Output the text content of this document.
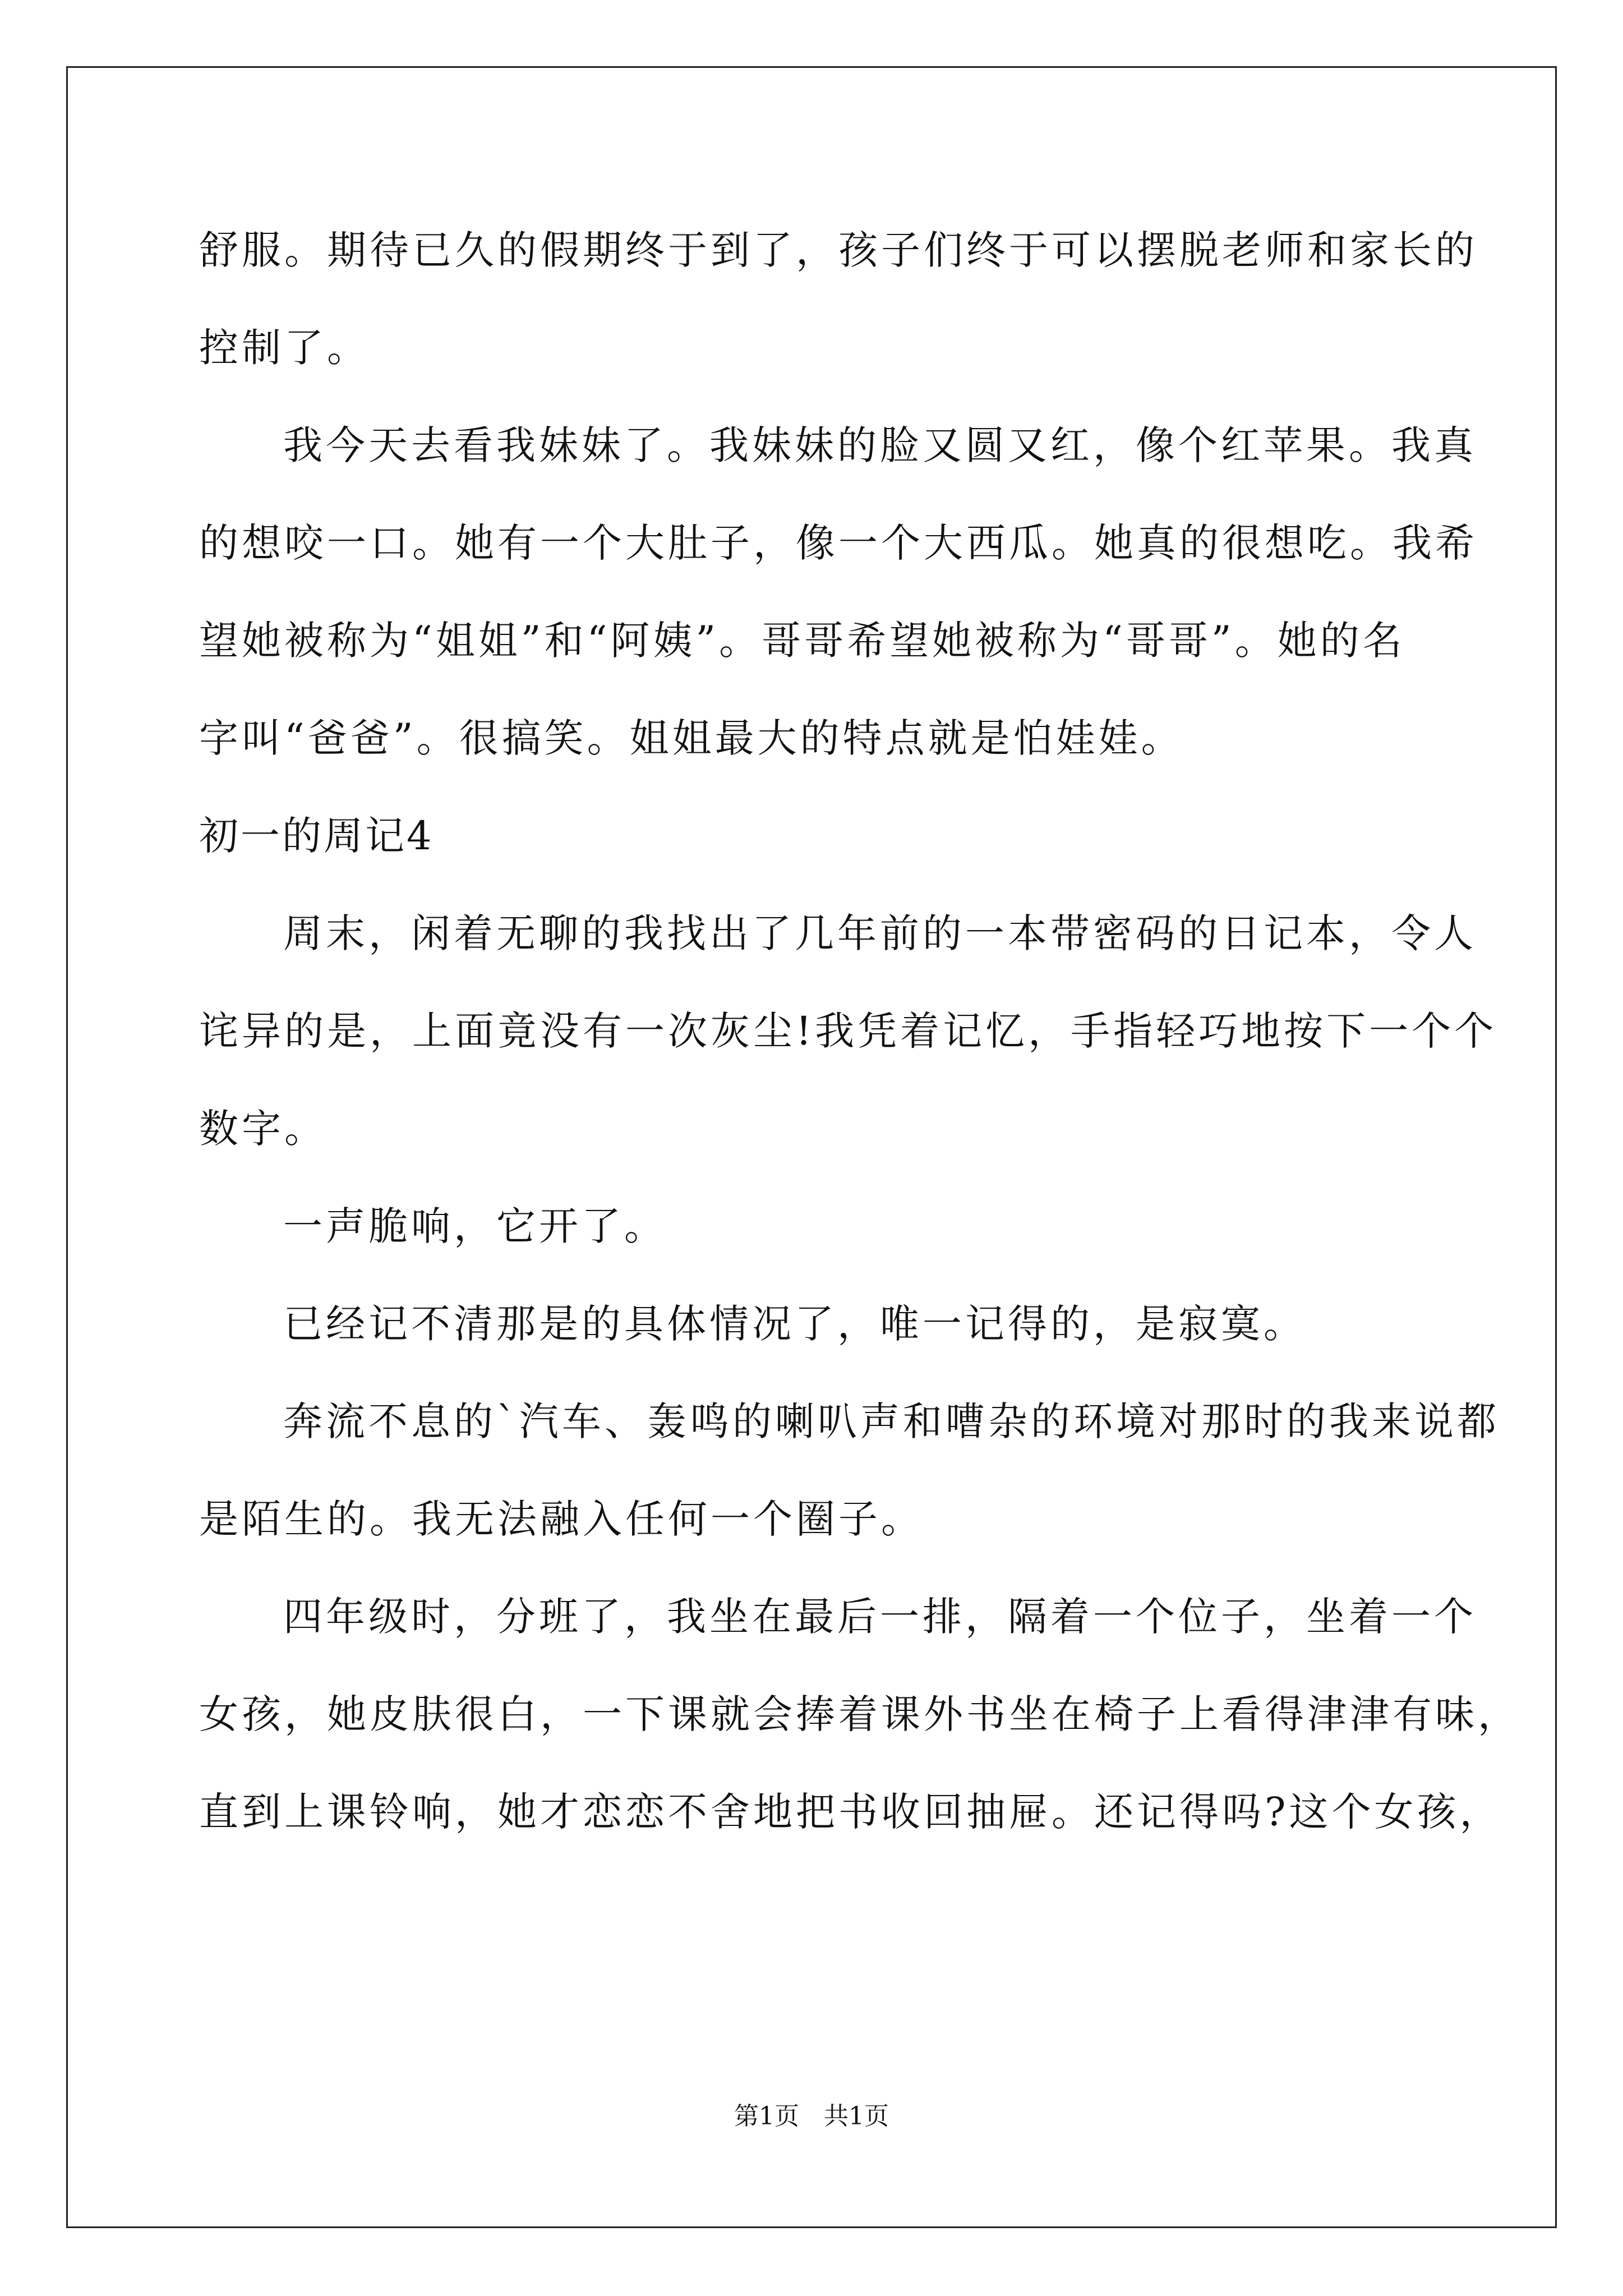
舒服。期待已久的假期终于到了，孩子们终于可以摆脱老师和家长的
控制了。
我今天去看我妹妹了。我妹妹的脸又圆又红，像个红苹果。我真
的想咬一口。她有一个大肚子，像一个大西瓜。她真的很想吃。我希
望她被称为“姐姐”和“阿姨”。哥哥希望她被称为“哥哥”。她的名
字叫“爸爸”。很搞笑。姐姐最大的特点就是怕娃娃。
初一的周记4
周末，闲着无聊的我找出了几年前的一本带密码的日记本，令人
诧异的是，上面竟没有一次灰尘!我凭着记忆，手指轻巧地按下一个个
数字。
一声脆响，它开了。
已经记不清那是的具体情况了，唯一记得的，是寂寞。
奔流不息的`汽车、轰鸣的喇叭声和嘈杂的环境对那时的我来说都
是陌生的。我无法融入任何一个圈子。
四年级时，分班了，我坐在最后一排，隔着一个位子，坐着一个
女孩，她皮肤很白，一下课就会捧着课外书坐在椅子上看得津津有味，
直到上课铃响，她才恋恋不舍地把书收回抽屉。还记得吗?这个女孩，
第1页 共1页
